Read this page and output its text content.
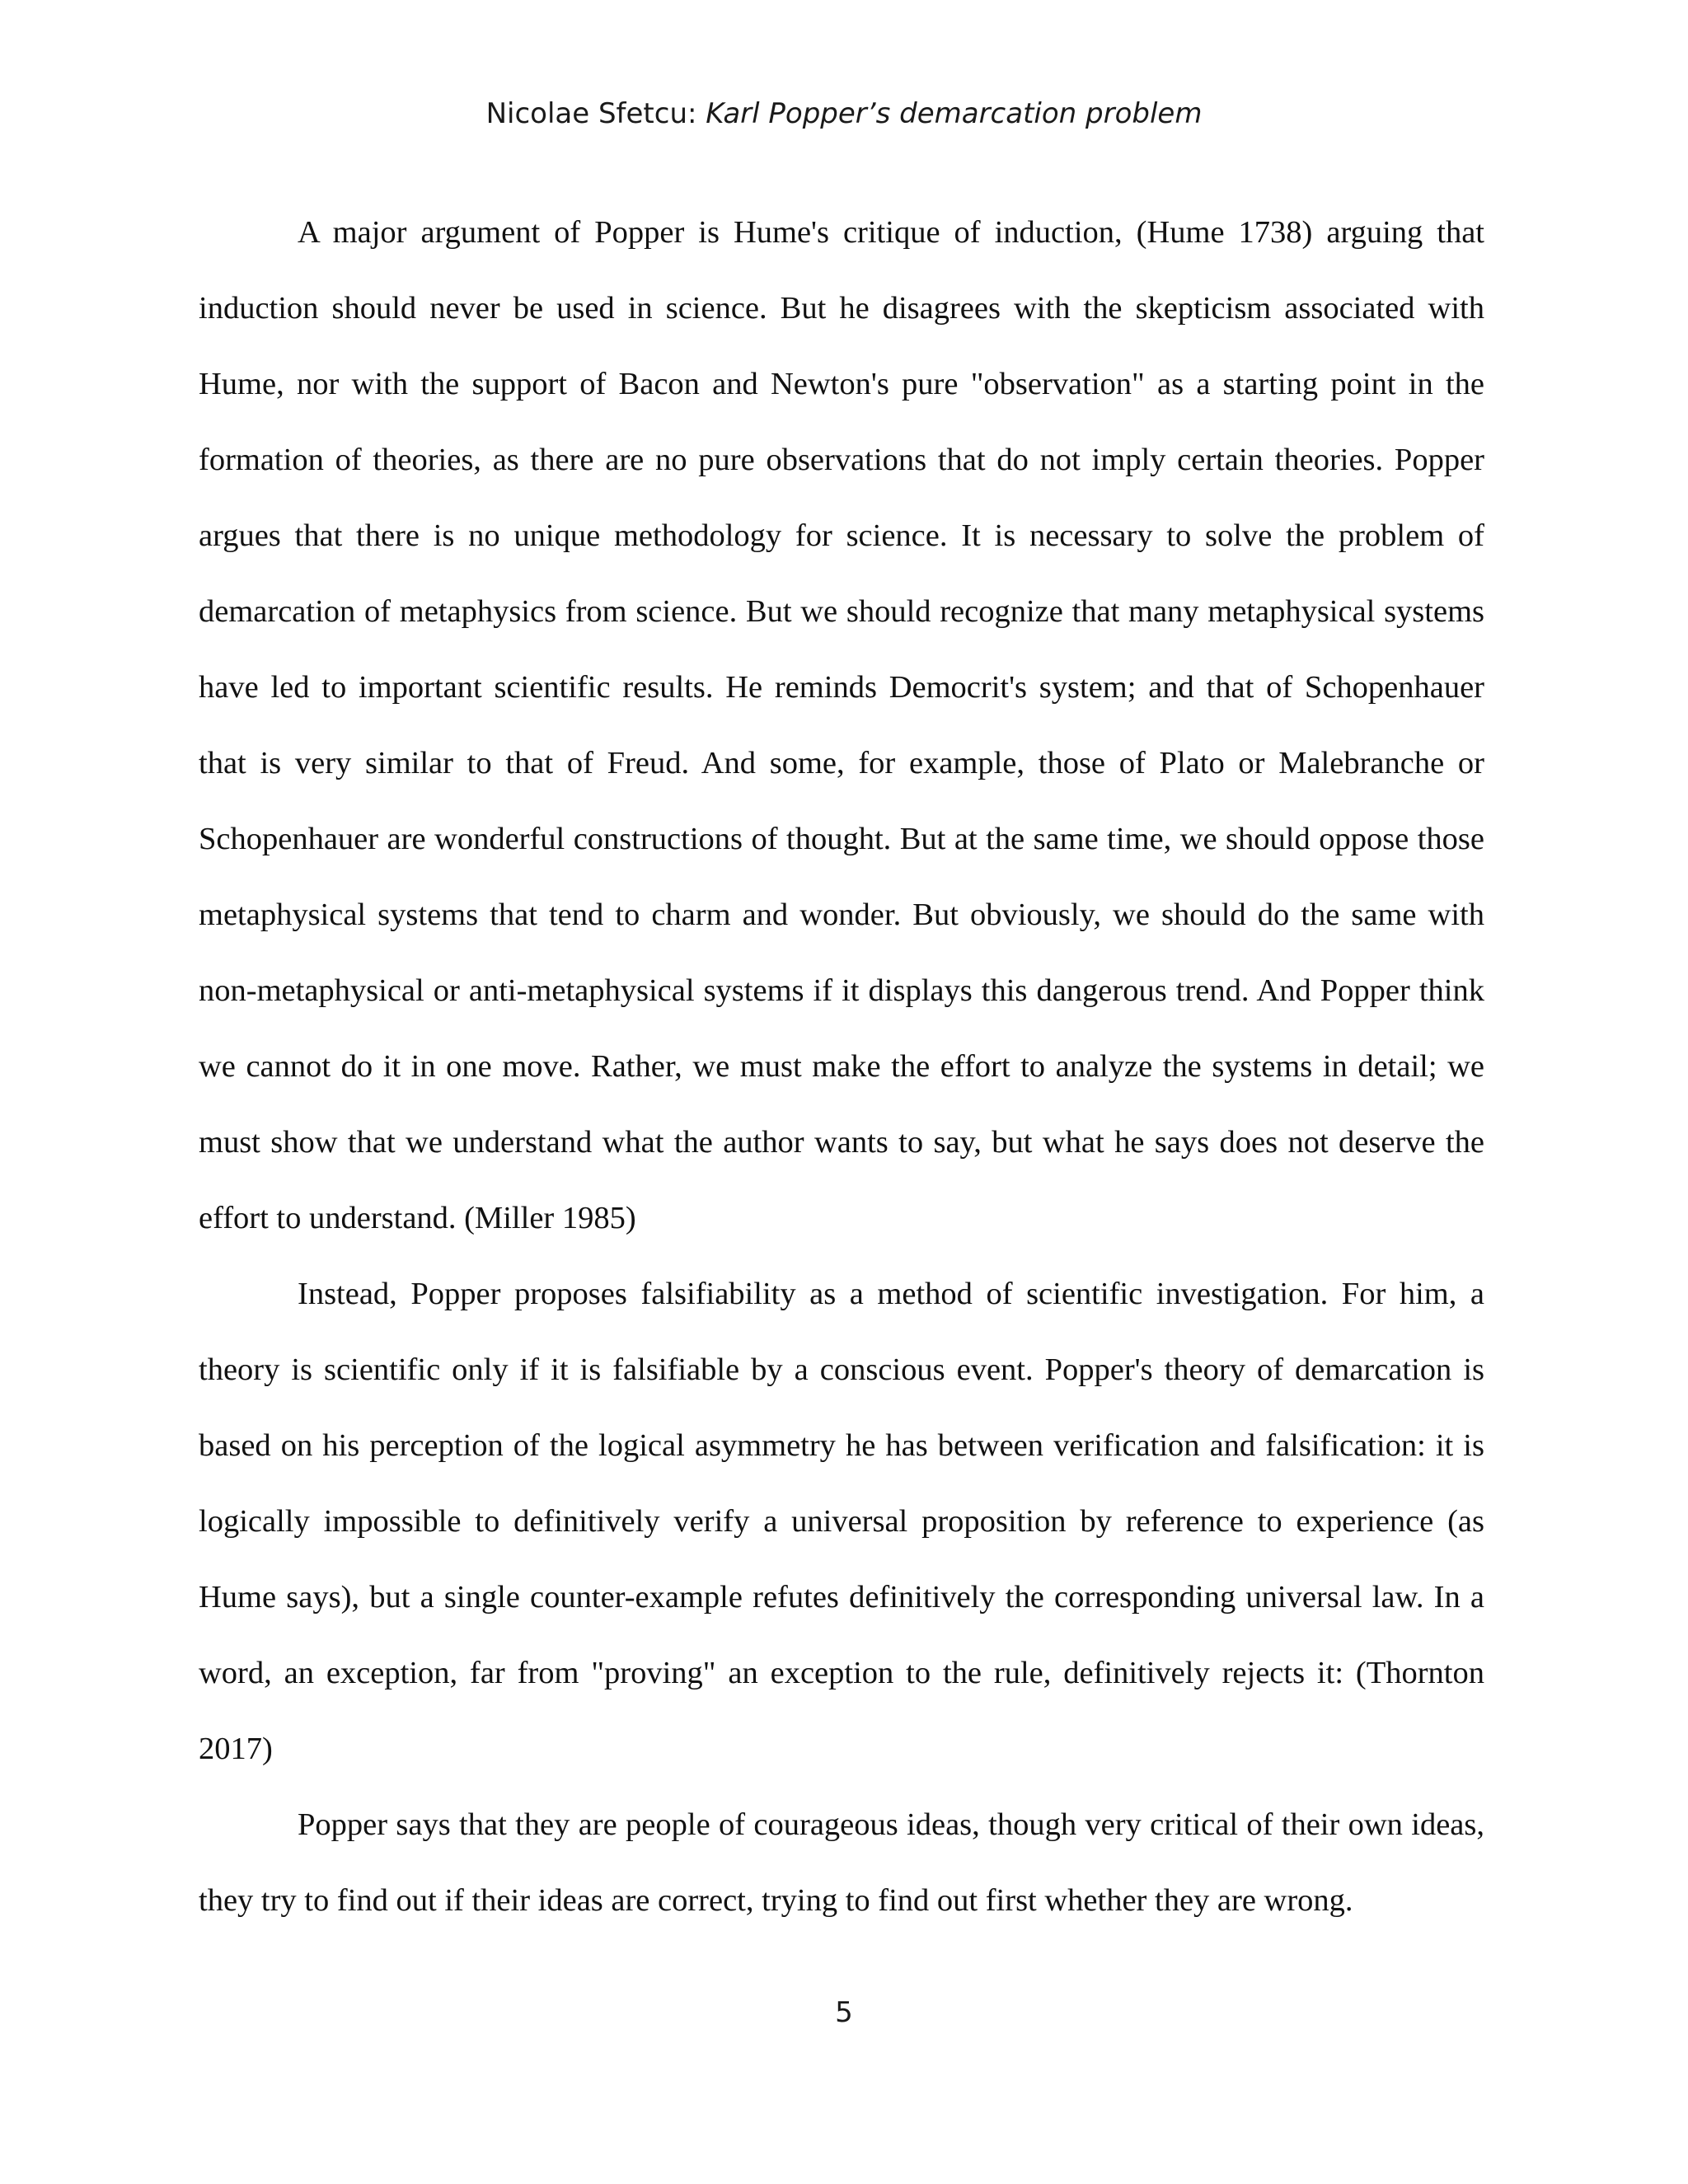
Nicolae Sfetcu: Karl Popper’s demarcation problem

A major argument of Popper is Hume's critique of induction, (Hume 1738) arguing that induction should never be used in science. But he disagrees with the skepticism associated with Hume, nor with the support of Bacon and Newton's pure "observation" as a starting point in the formation of theories, as there are no pure observations that do not imply certain theories. Popper argues that there is no unique methodology for science. It is necessary to solve the problem of demarcation of metaphysics from science. But we should recognize that many metaphysical systems have led to important scientific results. He reminds Democrit's system; and that of Schopenhauer that is very similar to that of Freud. And some, for example, those of Plato or Malebranche or Schopenhauer are wonderful constructions of thought. But at the same time, we should oppose those metaphysical systems that tend to charm and wonder. But obviously, we should do the same with non-metaphysical or anti-metaphysical systems if it displays this dangerous trend. And Popper think we cannot do it in one move. Rather, we must make the effort to analyze the systems in detail; we must show that we understand what the author wants to say, but what he says does not deserve the effort to understand. (Miller 1985)

Instead, Popper proposes falsifiability as a method of scientific investigation. For him, a theory is scientific only if it is falsifiable by a conscious event. Popper's theory of demarcation is based on his perception of the logical asymmetry he has between verification and falsification: it is logically impossible to definitively verify a universal proposition by reference to experience (as Hume says), but a single counter-example refutes definitively the corresponding universal law. In a word, an exception, far from "proving" an exception to the rule, definitively rejects it: (Thornton 2017)

Popper says that they are people of courageous ideas, though very critical of their own ideas, they try to find out if their ideas are correct, trying to find out first whether they are wrong.

5
